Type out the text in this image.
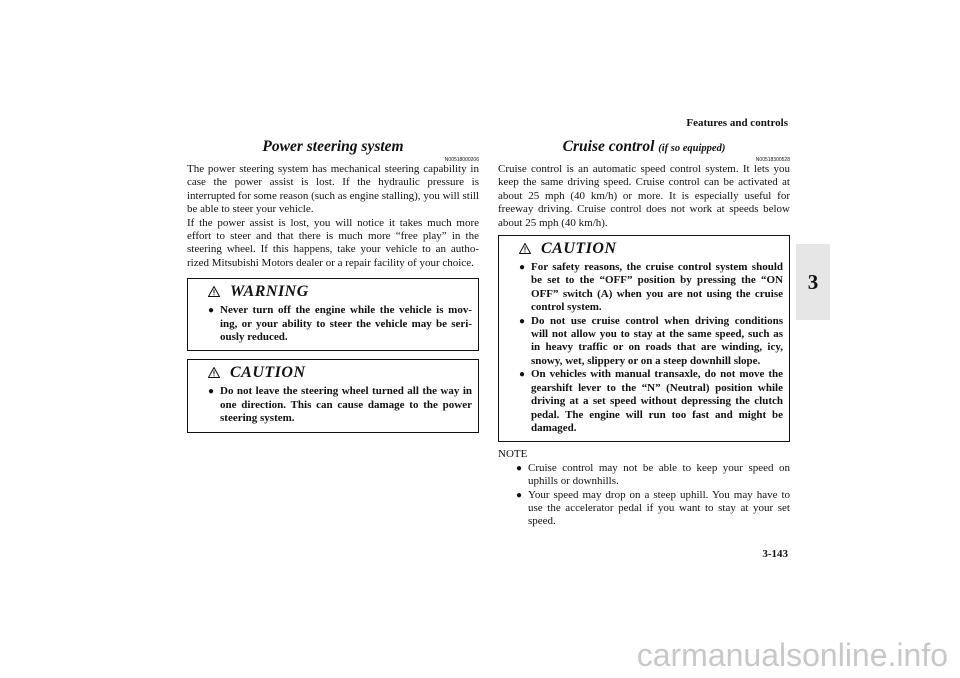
Features and controls
3
Power steering system
N00518000206

The power steering system has mechanical steering capability in case the power assist is lost. If the hydraulic pressure is interrupted for some reason (such as engine stalling), you will still be able to steer your vehicle.

If the power assist is lost, you will notice it takes much more effort to steer and that there is much more “free play” in the steering wheel. If this happens, take your vehicle to an autho-rized Mitsubishi Motors dealer or a repair facility of your choice.

WARNING
● Never turn off the engine while the vehicle is mov-ing, or your ability to steer the vehicle may be seri-ously reduced.
CAUTION
● Do not leave the steering wheel turned all the way in one direction. This can cause damage to the power steering system.
Cruise control (if so equipped)
N00518300528

Cruise control is an automatic speed control system. It lets you keep the same driving speed. Cruise control can be activated at about 25 mph (40 km/h) or more. It is especially useful for freeway driving. Cruise control does not work at speeds below about 25 mph (40 km/h).

CAUTION
● For safety reasons, the cruise control system should be set to the “OFF” position by pressing the “ON OFF” switch (A) when you are not using the cruise control system.
● Do not use cruise control when driving conditions will not allow you to stay at the same speed, such as in heavy traffic or on roads that are winding, icy, snowy, wet, slippery or on a steep downhill slope.
● On vehicles with manual transaxle, do not move the gearshift lever to the “N” (Neutral) position while driving at a set speed without depressing the clutch pedal. The engine will run too fast and might be damaged.
NOTE
● Cruise control may not be able to keep your speed on uphills or downhills.
● Your speed may drop on a steep uphill. You may have to use the accelerator pedal if you want to stay at your set speed.
3-143
carmanualsonline.info
